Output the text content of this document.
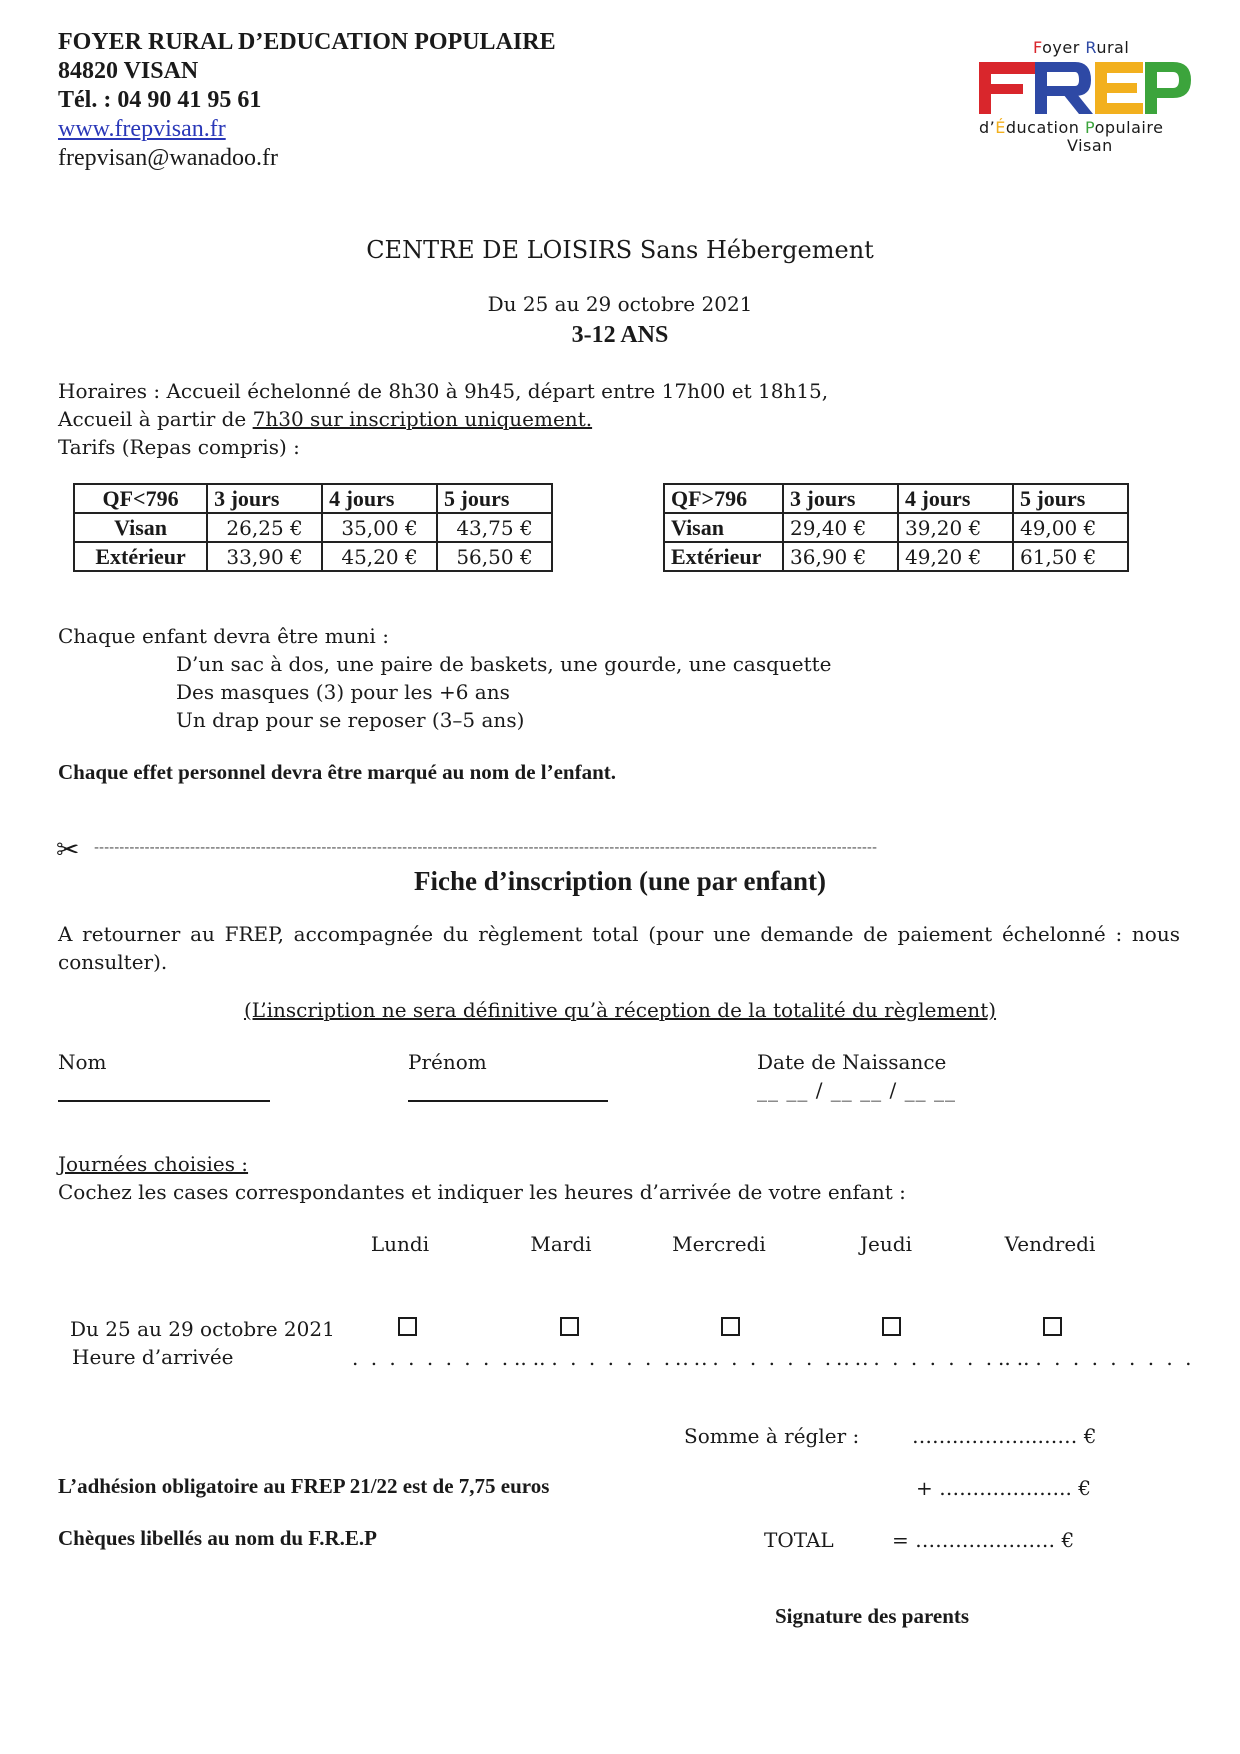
FOYER RURAL D’EDUCATION POPULAIRE
84820 VISAN
Tél. : 04 90 41 95 61
www.frepvisan.fr
frepvisan@wanadoo.fr
Foyer Rural
d’Éducation Populaire
Visan
CENTRE DE LOISIRS Sans Hébergement
Du 25 au 29 octobre 2021
3-12 ANS
Horaires : Accueil échelonné de 8h30 à 9h45, départ entre 17h00 et 18h15,
Accueil à partir de 7h30 sur inscription uniquement.
Tarifs (Repas compris) :
QF<796	3 jours	4 jours	5 jours
Visan	26,25 €	35,00 €	43,75 €
Extérieur	33,90 €	45,20 €	56,50 €
QF>796	3 jours	4 jours	5 jours
Visan	29,40 €	39,20 €	49,00 €
Extérieur	36,90 €	49,20 €	61,50 €
Chaque enfant devra être muni :
D’un sac à dos, une paire de baskets, une gourde, une casquette
Des masques (3) pour les +6 ans
Un drap pour se reposer (3–5 ans)
Chaque effet personnel devra être marqué au nom de l’enfant.
✂ -----------------------------------------------------------------------------------------------------------------------------------------------------------
Fiche d’inscription (une par enfant)
A retourner au FREP, accompagnée du règlement total (pour une demande de paiement échelonné : nous consulter).
(L’inscription ne sera définitive qu’à réception de la totalité du règlement)
Nom	Prénom	Date de Naissance
__ __ / __ __ / __ __
Journées choisies :
Cochez les cases correspondantes et indiquer les heures d’arrivée de votre enfant :
Lundi	Mardi	Mercredi	Jeudi	Vendredi
Du 25 au 29 octobre 2021
Heure d’arrivée	. . . . . . . . . . .
. . . . . . . . . . .
. . . . . . . . . . .
. . . . . . . . . . .
. . . . . . . . . . .
Somme à régler :	……..………..…… €
L’adhésion obligatoire au FREP 21/22 est de 7,75 euros	+ ……………….. €
Chèques libellés au nom du F.R.E.P	TOTAL	= ………………… €
Signature des parents
